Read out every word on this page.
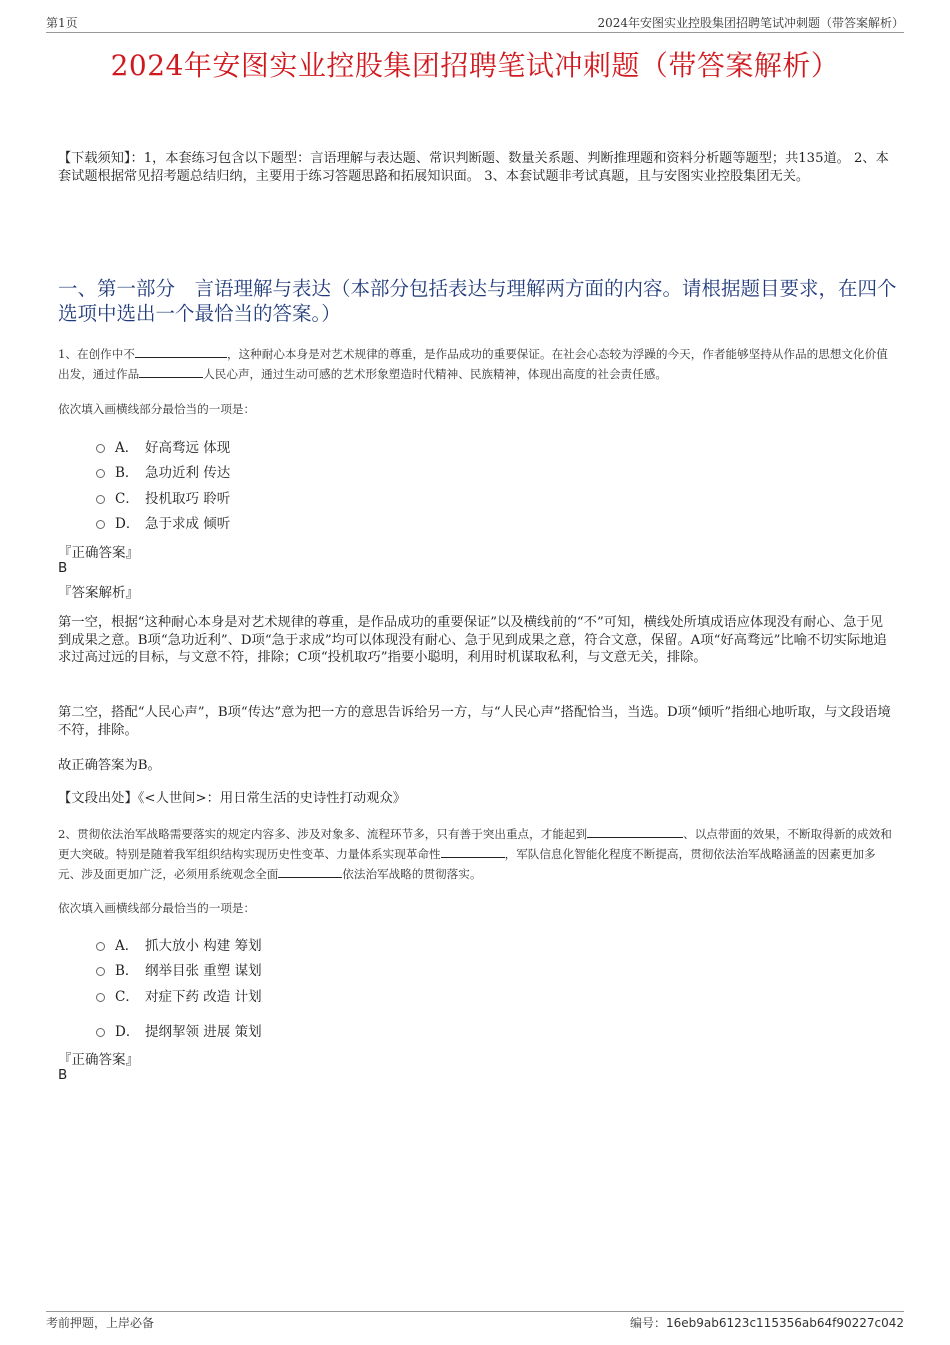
第1页	2024年安图实业控股集团招聘笔试冲刺题（带答案解析）
2024年安图实业控股集团招聘笔试冲刺题（带答案解析）
【下载须知】：1，本套练习包含以下题型：言语理解与表达题、常识判断题、数量关系题、判断推理题和资料分析题等题型；共135道。 2、本套试题根据常见招考题总结归纳，主要用于练习答题思路和拓展知识面。 3、本套试题非考试真题，且与安图实业控股集团无关。
一、第一部分　言语理解与表达（本部分包括表达与理解两方面的内容。请根据题目要求，在四个选项中选出一个最恰当的答案。）
1、在创作中不	，这种耐心本身是对艺术规律的尊重，是作品成功的重要保证。在社会心态较为浮躁的今天，作者能够坚持从作品的思想文化价值出发，通过作品	人民心声，通过生动可感的艺术形象塑造时代精神、民族精神，体现出高度的社会责任感。
依次填入画横线部分最恰当的一项是：
A． 好高骛远 体现
B． 急功近利 传达
C． 投机取巧 聆听
D． 急于求成 倾听
『正确答案』
B
『答案解析』
第一空，根据“这种耐心本身是对艺术规律的尊重，是作品成功的重要保证”以及横线前的“不”可知，横线处所填成语应体现没有耐心、急于见到成果之意。B项“急功近利”、D项“急于求成”均可以体现没有耐心、急于见到成果之意，符合文意，保留。A项“好高骛远”比喻不切实际地追求过高过远的目标，与文意不符，排除；C项“投机取巧”指要小聪明，利用时机谋取私利，与文意无关，排除。
第二空，搭配“人民心声”，B项“传达”意为把一方的意思告诉给另一方，与“人民心声”搭配恰当，当选。D项“倾听”指细心地听取，与文段语境不符，排除。
故正确答案为B。
【文段出处】《<人世间>：用日常生活的史诗性打动观众》
2、贯彻依法治军战略需要落实的规定内容多、涉及对象多、流程环节多，只有善于突出重点，才能起到	、以点带面的效果，不断取得新的成效和更大突破。特别是随着我军组织结构实现历史性变革、力量体系实现革命性	，军队信息化智能化程度不断提高，贯彻依法治军战略涵盖的因素更加多元、涉及面更加广泛，必须用系统观念全面	依法治军战略的贯彻落实。
依次填入画横线部分最恰当的一项是：
A． 抓大放小 构建 筹划
B． 纲举目张 重塑 谋划
C． 对症下药 改造 计划
D． 提纲挈领 进展 策划
『正确答案』
B
考前押题，上岸必备	编号：16eb9ab6123c115356ab64f90227c042
